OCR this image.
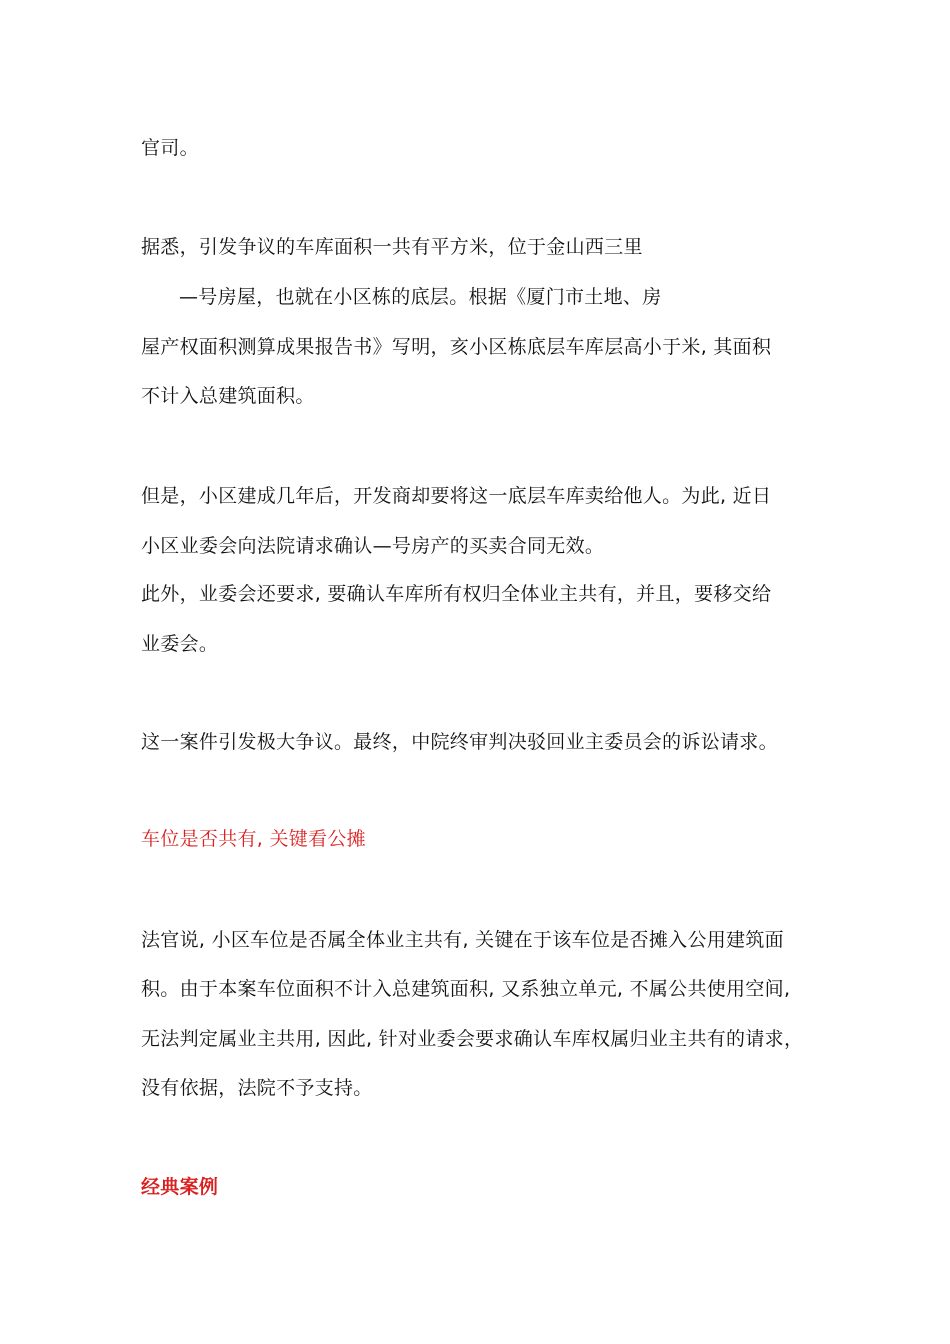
官司。
据悉，引发争议的车库面积一共有平方米，位于金山西三里
—号房屋，也就在小区栋的底层。根据《厦门市土地、房
屋产权面积测算成果报告书》写明，亥小区栋底层车库层高小于米, 其面积
不计入总建筑面积。
但是，小区建成几年后，开发商却要将这一底层车库卖给他人。为此, 近日
小区业委会向法院请求确认—号房产的买卖合同无效。
此外，业委会还要求, 要确认车库所有权归全体业主共有，并且，要移交给
业委会。
这一案件引发极大争议。最终，中院终审判决驳回业主委员会的诉讼请求。
车位是否共有, 关键看公摊
法官说, 小区车位是否属全体业主共有, 关键在于该车位是否摊入公用建筑面
积。由于本案车位面积不计入总建筑面积, 又系独立单元, 不属公共使用空间,
无法判定属业主共用, 因此, 针对业委会要求确认车库权属归业主共有的请求，
没有依据，法院不予支持。
经典案例
